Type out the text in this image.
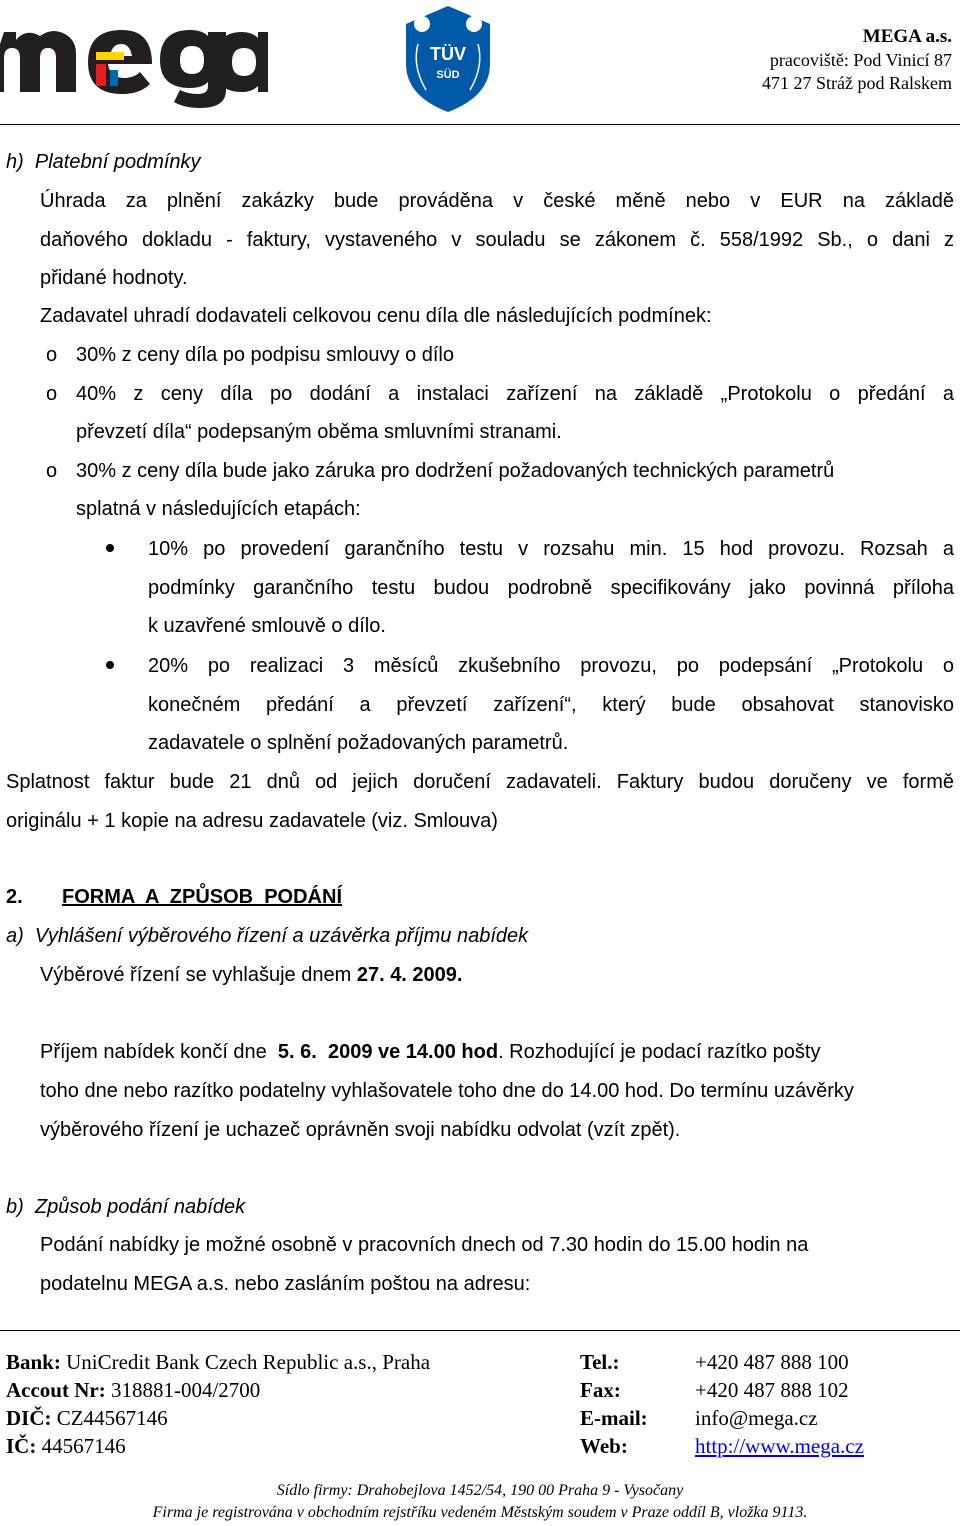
mega
TÜV
SÜD
MEGA a.s.
pracoviště: Pod Vinicí 87
471 27 Stráž pod Ralskem
h)  Platební podmínky
Úhrada za plnění zakázky bude prováděna v české měně nebo v EUR na základě
daňového dokladu - faktury, vystaveného v souladu se zákonem č. 558/1992 Sb., o dani z
přidané hodnoty.
Zadavatel uhradí dodavateli celkovou cenu díla dle následujících podmínek:
o 30% z ceny díla po podpisu smlouvy o dílo
o 40% z ceny díla po dodání a instalaci zařízení na základě „Protokolu o předání a
převzetí díla“ podepsaným oběma smluvními stranami.
o 30% z ceny díla bude jako záruka pro dodržení požadovaných technických parametrů
splatná v následujících etapách:
10% po provedení garančního testu v rozsahu min. 15 hod provozu. Rozsah a
podmínky garančního testu budou podrobně specifikovány jako povinná příloha
k uzavřené smlouvě o dílo.
20% po realizaci 3 měsíců zkušebního provozu, po podepsání „Protokolu o
konečném předání a převzetí zařízení“, který bude obsahovat stanovisko
zadavatele o splnění požadovaných parametrů.
Splatnost faktur bude 21 dnů od jejich doručení zadavateli. Faktury budou doručeny ve formě
originálu + 1 kopie na adresu zadavatele (viz. Smlouva)
2. FORMA  A  ZPŮSOB  PODÁNÍ
a)  Vyhlášení výběrového řízení a uzávěrka příjmu nabídek
Výběrové řízení se vyhlašuje dnem 27. 4. 2009.
Příjem nabídek končí dne  5. 6.  2009 ve 14.00 hod. Rozhodující je podací razítko pošty
toho dne nebo razítko podatelny vyhlašovatele toho dne do 14.00 hod. Do termínu uzávěrky
výběrového řízení je uchazeč oprávněn svoji nabídku odvolat (vzít zpět).
b)  Způsob podání nabídek
Podání nabídky je možné osobně v pracovních dnech od 7.30 hodin do 15.00 hodin na
podatelnu MEGA a.s. nebo zasláním poštou na adresu:
Bank: UniCredit Bank Czech Republic a.s., Praha
Accout Nr: 318881-004/2700
DIČ: CZ44567146
IČ: 44567146
Tel.:	+420 487 888 100
Fax:	+420 487 888 102
E-mail: info@mega.cz
Web:	http://www.mega.cz
Sídlo firmy: Drahobejlova 1452/54, 190 00 Praha 9 - Vysočany
Firma je registrována v obchodním rejstříku vedeném Městským soudem v Praze oddíl B, vložka 9113.
